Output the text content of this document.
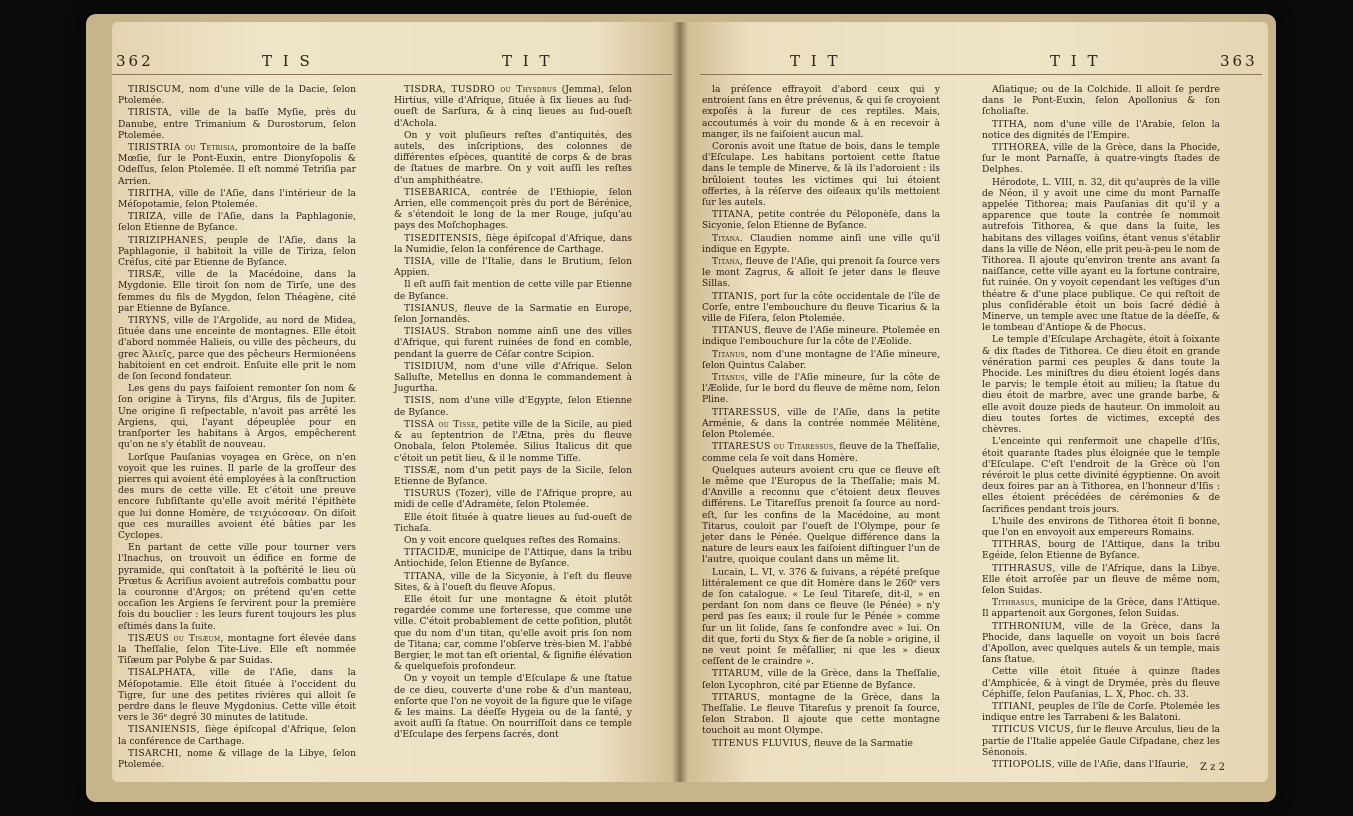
362	T I S	T I T

TIRISCUM, nom d'une ville de la Dacie, ſelon Ptolemée.

TIRISTA, ville de la baſſe Myſie, près du Danube, entre Trimanium & Durostorum, ſelon Ptolemée.

TIRISTRIA ou Tetrisia, promontoire de la baſſe Mœſie, ſur le Pont-Euxin, entre Dionyſopolis & Odeſſus, ſelon Ptolemée. Il eſt nommé Tetriſia par Arrien.

TIRITHA, ville de l'Aſie, dans l'intérieur de la Méſopotamie, ſelon Ptolemée.

TIRIZA, ville de l'Aſie, dans la Paphlagonie, ſelon Etienne de Byſance.

TIRIZIPHANES, peuple de l'Aſie, dans la Paphlagonie, il habitoit la ville de Tiriza, ſelon Créſus, cité par Etienne de Byſance.

TIRSÆ, ville de la Macédoine, dans la Mygdonie. Elle tiroit ſon nom de Tirſe, une des femmes du fils de Mygdon, ſelon Théagène, cité par Etienne de Byſance.

TIRYNS, ville de l'Argolide, au nord de Midea, ſituée dans une enceinte de montagnes. Elle étoit d'abord nommée Halieis, ou ville des pêcheurs, du grec Ἁλιεῖς, parce que des pêcheurs Hermionéens habitoient en cet endroit. Enſuite elle prit le nom de ſon ſecond fondateur.

Les gens du pays faiſoient remonter ſon nom & ſon origine à Tiryns, fils d'Argus, fils de Jupiter. Une origine ſi reſpectable, n'avoit pas arrêté les Argiens, qui, l'ayant dépeuplée pour en tranſporter les habitans à Argos, empêcherent qu'on ne s'y établît de nouveau.

Lorſque Pauſanias voyagea en Grèce, on n'en voyoit que les ruines. Il parle de la groſſeur des pierres qui avoient été employées à la conſtruction des murs de cette ville. Et c'étoit une preuve encore ſubſiſtante qu'elle avoit mérité l'épithète que lui donne Homère, de τειχιόεσσαν. On diſoit que ces murailles avoient été bâties par les Cyclopes.

En partant de cette ville pour tourner vers l'Inachus, on trouvoit un édifice en forme de pyramide, qui conſtatoit à la poſtérité le lieu où Prœtus & Acriſius avoient autrefois combattu pour la couronne d'Argos; on prétend qu'en cette occaſion les Argiens ſe ſervirent pour la première fois du bouclier : les leurs furent toujours les plus eſtimés dans la ſuite.

TISÆUS ou Tisæum, montagne fort élevée dans la Theſſalie, ſelon Tite-Live. Elle eſt nommée Tiſæum par Polybe & par Suidas.

TISALPHATA, ville de l'Aſie, dans la Méſopotamie. Elle étoit ſituée à l'occident du Tigre, ſur une des petites rivières qui alloit ſe perdre dans le fleuve Mygdonius. Cette ville étoit vers le 36ᵉ degré 30 minutes de latitude.

TISANIENSIS, ſiège épiſcopal d'Afrique, ſelon la conférence de Carthage.

TISARCHI, nome & village de la Libye, ſelon Ptolemée.

TISDRA, TUSDRO ou Thysdrus (Jemma), ſelon Hirtius, ville d'Afrique, ſituée à ſix lieues au ſud-oueſt de Sarſura, & à cinq lieues au ſud-oueſt d'Achola.

On y voit pluſieurs reſtes d'antiquités, des autels, des inſcriptions, des colonnes de différentes eſpèces, quantité de corps & de bras de ſtatues de marbre. On y voit auſſi les reſtes d'un amphithéatre.

TISEBARICA, contrée de l'Ethiopie, ſelon Arrien, elle commençoit près du port de Bérénice, & s'étendoit le long de la mer Rouge, juſqu'au pays des Moſchophages.

TISEDITENSIS, ſiège épiſcopal d'Afrique, dans la Numidie, ſelon la conférence de Carthage.

TISIA, ville de l'Italie, dans le Brutium, ſelon Appien.

Il eſt auſſi fait mention de cette ville par Etienne de Byſance.

TISIANUS, fleuve de la Sarmatie en Europe, ſelon Jornandès.

TISIAUS. Strabon nomme ainſi une des villes d'Afrique, qui furent ruinées de fond en comble, pendant la guerre de Céſar contre Scipion.

TISIDIUM, nom d'une ville d'Afrique. Selon Salluſte, Metellus en donna le commandement à Jugurtha.

TISIS, nom d'une ville d'Egypte, ſelon Etienne de Byſance.

TISSA ou Tisse, petite ville de la Sicile, au pied & au ſeptentrion de l'Ætna, près du fleuve Onobala, ſelon Ptolemée. Silius Italicus dit que c'étoit un petit lieu, & il le nomme Tiſſe.

TISSÆ, nom d'un petit pays de la Sicile, ſelon Etienne de Byſance.

TISURUS (Tozer), ville de l'Afrique propre, au midi de celle d'Adramète, ſelon Ptolemée.

Elle étoit ſituée à quatre lieues au ſud-oueſt de Tichaſa.

On y voit encore quelques reſtes des Romains.

TITACIDÆ, municipe de l'Attique, dans la tribu Antiochide, ſelon Etienne de Byſance.

TITANA, ville de la Sicyonie, à l'eſt du fleuve Sites, & à l'oueſt du fleuve Aſopus.

Elle étoit ſur une montagne & étoit plutôt regardée comme une forteresse, que comme une ville. C'étoit probablement de cette poſition, plutôt que du nom d'un titan, qu'elle avoit pris ſon nom de Titana; car, comme l'obſerve très-bien M. l'abbé Bergier, le mot tan eſt oriental, & ſignifie élévation & quelquefois profondeur.

On y voyoit un temple d'Eſculape & une ſtatue de ce dieu, couverte d'une robe & d'un manteau, enſorte que l'on ne voyoit de la figure que le viſage & les mains. La déeſſe Hygeia ou de la ſanté, y avoit auſſi ſa ſtatue. On nourriſſoit dans ce temple d'Eſculape des ſerpens ſacrés, dont

T I T	T I T	363

la préſence effrayoit d'abord ceux qui y entroient ſans en être prévenus, & qui ſe croyoient expoſés à la fureur de ces reptiles. Mais, accoutumés à voir du monde & à en recevoir à manger, ils ne faiſoient aucun mal.

Coronis avoit une ſtatue de bois, dans le temple d'Eſculape. Les habitans portoient cette ſtatue dans le temple de Minerve, & là ils l'adoroient : ils brûloient toutes les victimes qui lui étoient offertes, à la réſerve des oiſeaux qu'ils mettoient ſur les autels.

TITANA, petite contrée du Péloponèſe, dans la Sicyonie, ſelon Etienne de Byſance.

Titana. Claudien nomme ainſi une ville qu'il indique en Egypte.

Titana, fleuve de l'Aſie, qui prenoit ſa ſource vers le mont Zagrus, & alloit ſe jeter dans le fleuve Sillas.

TITANIS, port ſur la côte occidentale de l'île de Corſe, entre l'embouchure du fleuve Ticarius & la ville de Fiſera, ſelon Ptolemée.

TITANUS, fleuve de l'Aſie mineure. Ptolemée en indique l'embouchure ſur la côte de l'Æolide.

Titanus, nom d'une montagne de l'Aſie mineure, ſelon Quintus Calaber.

Titanus, ville de l'Aſie mineure, ſur la côte de l'Æolide, ſur le bord du fleuve de même nom, ſelon Pline.

TITARESSUS, ville de l'Aſie, dans la petite Arménie, & dans la contrée nommée Mélitène, ſelon Ptolemée.

TITARESUS ou Titaressus, fleuve de la Theſſalie, comme cela ſe voit dans Homère.

Quelques auteurs avoient cru que ce fleuve eſt le même que l'Europus de la Theſſalie; mais M. d'Anville a reconnu que c'étoient deux fleuves différens. Le Titareſſus prenoit ſa ſource au nord-eſt, ſur les confins de la Macédoine, au mont Titarus, couloit par l'oueſt de l'Olympe, pour ſe jeter dans le Pénée. Quelque différence dans la nature de leurs eaux les faiſoient diſtinguer l'un de l'autre, quoique coulant dans un même lit.

Lucain, L. VI, v. 376 & ſuivans, a répété preſque littéralement ce que dit Homère dans le 260ᵉ vers de ſon catalogue. « Le ſeul Titareſe, dit-il, » en perdant ſon nom dans ce fleuve (le Pénée) » n'y perd pas ſes eaux; il roule ſur le Pénée » comme ſur un lit ſolide, ſans ſe confondre avec » lui. On dit que, forti du Styx & fier de ſa noble » origine, il ne veut point ſe mêſallier, ni que les » dieux ceſſent de le craindre ».

TITARUM, ville de la Grèce, dans la Theſſalie, ſelon Lycophron, cité par Etienne de Byſance.

TITARUS, montagne de la Grèce, dans la Theſſalie. Le fleuve Titareſus y prenoit ſa ſource, ſelon Strabon. Il ajoute que cette montagne touchoit au mont Olympe.

TITENUS FLUVIUS, fleuve de la Sarmatie

Aſiatique; ou de la Colchide. Il alloit ſe perdre dans le Pont-Euxin, ſelon Apollonius & ſon ſcholiaſte.

TITHA, nom d'une ville de l'Arabie, ſelon la notice des dignités de l'Empire.

TITHOREA, ville de la Grèce, dans la Phocide, ſur le mont Parnaſſe, à quatre-vingts ſtades de Delphes.

Hérodote, L. VIII, n. 32, dit qu'auprès de la ville de Néon, il y avoit une cime du mont Parnaſſe appelée Tithorea; mais Pauſanias dit qu'il y a apparence que toute la contrée ſe nommoit autrefois Tithorea, & que dans la ſuite, les habitans des villages voiſins, étant venus s'établir dans la ville de Néon, elle prit peu-à-peu le nom de Tithorea. Il ajoute qu'environ trente ans avant ſa naiſſance, cette ville ayant eu la fortune contraire, fut ruinée. On y voyoit cependant les veſtiges d'un théatre & d'une place publique. Ce qui reſtoit de plus conſidérable étoit un bois ſacré dédié à Minerve, un temple avec une ſtatue de la déeſſe, & le tombeau d'Antiope & de Phocus.

Le temple d'Eſculape Archagète, étoit à ſoixante & dix ſtades de Tithorea. Ce dieu étoit en grande vénération parmi ces peuples & dans toute la Phocide. Les miniſtres du dieu étoient logés dans le parvis; le temple étoit au milieu; la ſtatue du dieu étoit de marbre, avec une grande barbe, & elle avoit douze pieds de hauteur. On immoloit au dieu toutes ſortes de victimes, excepté des chèvres.

L'enceinte qui renfermoit une chapelle d'Iſis, étoit quarante ſtades plus éloignée que le temple d'Eſculape. C'eſt l'endroit de la Grèce où l'on révéroit le plus cette divinité égyptienne. On avoit deux foires par an à Tithorea, en l'honneur d'Iſis : elles étoient précédées de cérémonies & de ſacrifices pendant trois jours.

L'huile des environs de Tithorea étoit ſi bonne, que l'on en envoyoit aux empereurs Romains.

TITHRAS, bourg de l'Attique, dans la tribu Egéide, ſelon Etienne de Byſance.

TITHRASUS, ville de l'Afrique, dans la Libye. Elle étoit arroſée par un fleuve de même nom, ſelon Suidas.

Tithrasus, municipe de la Grèce, dans l'Attique. Il appartenoit aux Gorgones, ſelon Suidas.

TITHRONIUM, ville de la Grèce, dans la Phocide, dans laquelle on voyoit un bois ſacré d'Apollon, avec quelques autels & un temple, mais ſans ſtatue.

Cette ville étoit ſituée à quinze ſtades d'Amphicée, & à vingt de Drymée, près du fleuve Céphiſſe, ſelon Pauſanias, L. X, Phoc. ch. 33.

TITIANI, peuples de l'île de Corſe. Ptolemée les indique entre les Tarrabeni & les Balatoni.

TITICUS VICUS, ſur le fleuve Arculus, lieu de la partie de l'Italie appelée Gaule Ciſpadane, chez les Sénonois.

TITIOPOLIS, ville de l'Aſie, dans l'Iſaurie,	Z z 2
